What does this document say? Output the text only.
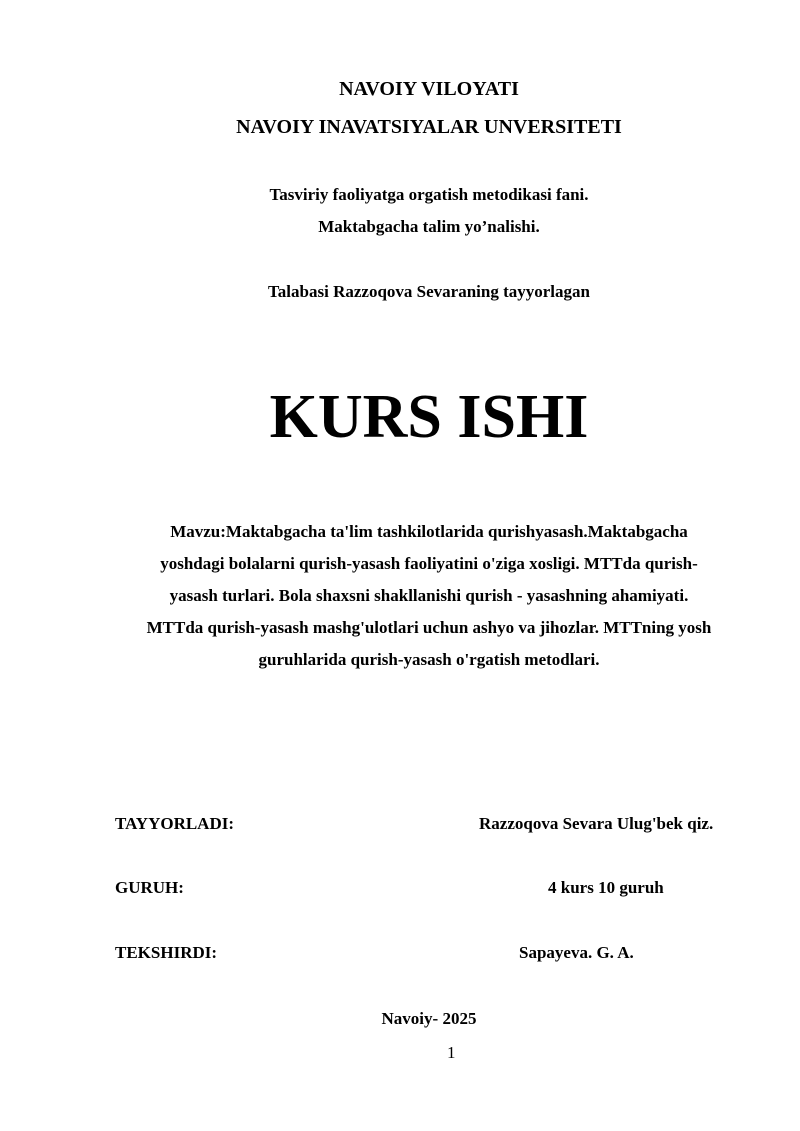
NAVOIY VILOYATI
NAVOIY INAVATSIYALAR UNVERSITETI
Tasviriy faoliyatga orgatish metodikasi fani.
Maktabgacha talim yo’nalishi.
Talabasi Razzoqova Sevaraning tayyorlagan
KURS ISHI
Mavzu:Maktabgacha ta'lim tashkilotlarida qurishyasash.Maktabgacha
yoshdagi bolalarni qurish-yasash faoliyatini o'ziga xosligi. MTTda qurish-
yasash turlari. Bola shaxsni shakllanishi qurish - yasashning ahamiyati.
MTTda qurish-yasash mashg'ulotlari uchun ashyo va jihozlar. MTTning yosh
guruhlarida qurish-yasash o'rgatish metodlari.
TAYYORLADI:	Razzoqova Sevara Ulug'bek qiz.
GURUH:	4 kurs 10 guruh
TEKSHIRDI:	Sapayeva. G. A.
Navoiy- 2025
1
